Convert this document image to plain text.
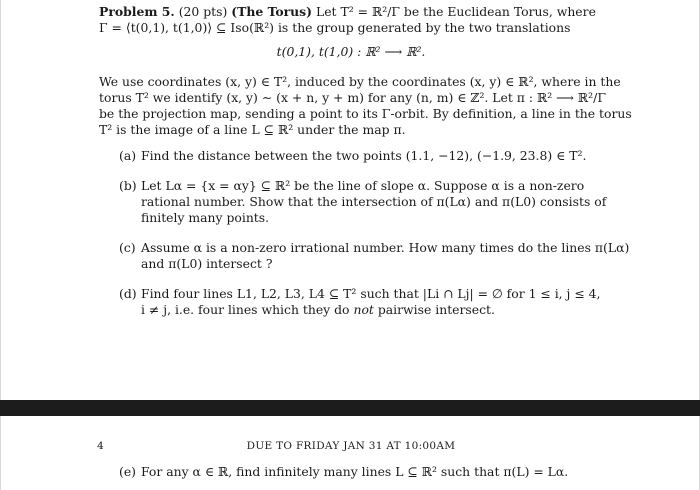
Problem 5. (20 pts) (The Torus) Let T² = ℝ²/Γ be the Euclidean Torus, where
Γ = ⟨t(0,1), t(1,0)⟩ ⊆ Iso(ℝ²) is the group generated by the two translations
t(0,1), t(1,0) : ℝ² ⟶ ℝ².
We use coordinates (x, y) ∈ T², induced by the coordinates (x, y) ∈ ℝ², where in the
torus T² we identify (x, y) ∼ (x + n, y + m) for any (n, m) ∈ ℤ². Let π : ℝ² ⟶ ℝ²/Γ
be the projection map, sending a point to its Γ-orbit. By definition, a line in the torus
T² is the image of a line L ⊆ ℝ² under the map π.
(a) Find the distance between the two points (1.1, −12), (−1.9, 23.8) ∈ T².
(b) Let Lα = {x = αy} ⊆ ℝ² be the line of slope α. Suppose α is a non-zero
rational number. Show that the intersection of π(Lα) and π(L0) consists of
finitely many points.
(c) Assume α is a non-zero irrational number. How many times do the lines π(Lα)
and π(L0) intersect ?
(d) Find four lines L1, L2, L3, L4 ⊆ T² such that |Li ∩ Lj| = ∅ for 1 ≤ i, j ≤ 4,
i ≠ j, i.e. four lines which they do not pairwise intersect.
4	DUE TO FRIDAY JAN 31 AT 10:00AM
(e) For any α ∈ ℝ, find infinitely many lines L ⊆ ℝ² such that π(L) = Lα.
